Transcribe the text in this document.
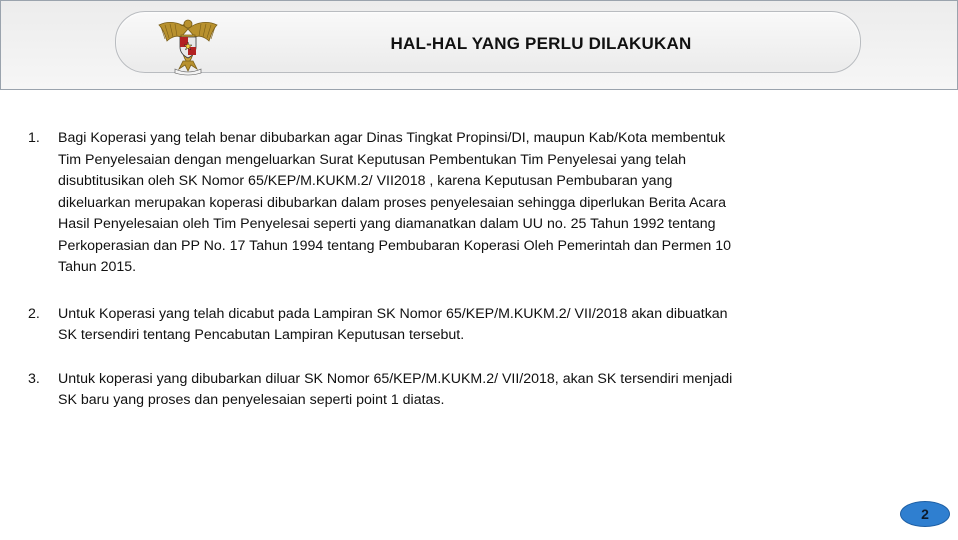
HAL-HAL YANG PERLU DILAKUKAN
1.	Bagi Koperasi yang telah benar dibubarkan agar Dinas Tingkat Propinsi/DI, maupun Kab/Kota membentuk Tim Penyelesaian dengan mengeluarkan Surat Keputusan Pembentukan Tim Penyelesai yang telah disubtitusikan oleh SK Nomor 65/KEP/M.KUKM.2/ VII2018 , karena Keputusan Pembubaran yang dikeluarkan merupakan koperasi dibubarkan dalam proses penyelesaian sehingga diperlukan Berita Acara Hasil Penyelesaian oleh Tim Penyelesai seperti yang diamanatkan dalam UU no. 25 Tahun 1992 tentang Perkoperasian dan PP No. 17 Tahun 1994 tentang Pembubaran Koperasi Oleh Pemerintah dan Permen 10 Tahun 2015.
2.	Untuk Koperasi yang telah dicabut pada Lampiran SK Nomor 65/KEP/M.KUKM.2/ VII/2018 akan dibuatkan SK tersendiri tentang Pencabutan Lampiran Keputusan tersebut.
3.	Untuk koperasi yang dibubarkan diluar SK Nomor 65/KEP/M.KUKM.2/ VII/2018, akan SK tersendiri menjadi SK baru yang proses dan penyelesaian seperti point 1 diatas.
2
